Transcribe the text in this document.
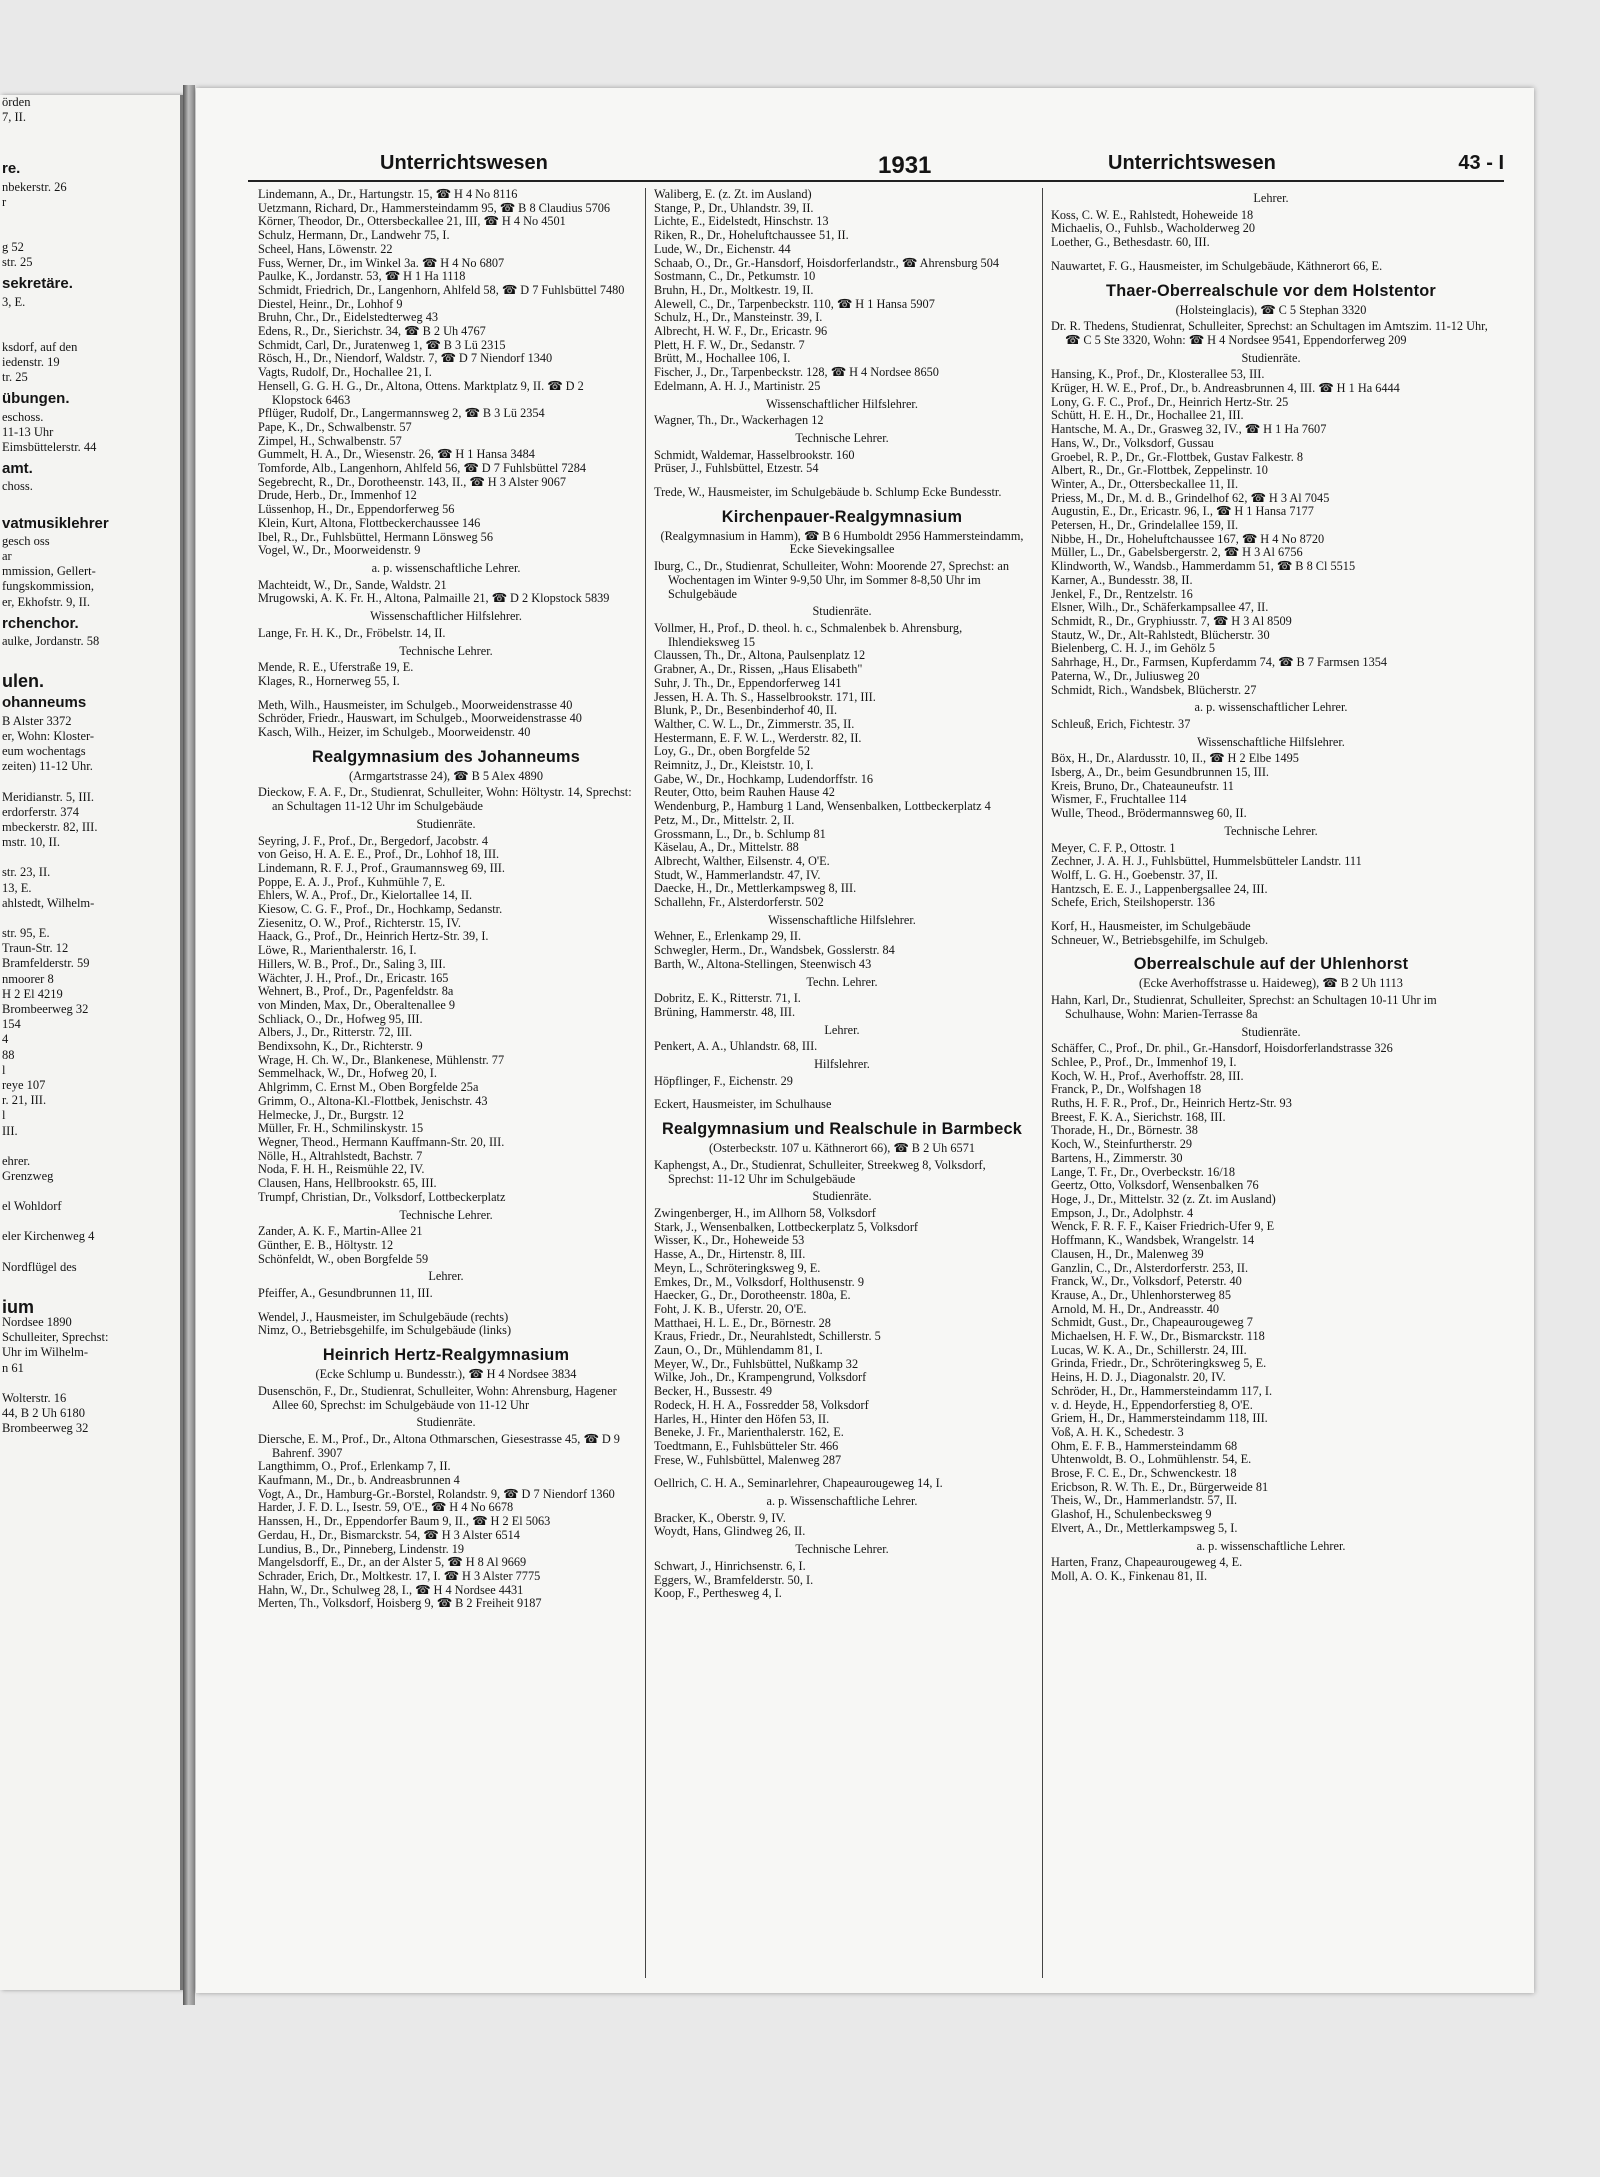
örden
7, II.
re.
nbekerstr. 26
r
g 52
str. 25
sekretäre.
3, E.
ksdorf, auf den
iedenstr. 19
tr. 25
übungen.
eschoss.
11-13 Uhr
Eimsbüttelerstr. 44
amt.
choss.
vatmusiklehrer
gesch oss
ar
mmission, Gellert-
fungskommission,
er, Ekhofstr. 9, II.
rchenchor.
aulke, Jordanstr. 58
ulen.
ohanneums
B Alster 3372
er, Wohn: Kloster-
eum wochentags
zeiten) 11-12 Uhr.
Meridianstr. 5, III.
erdorferstr. 374
mbeckerstr. 82, III.
mstr. 10, II.
str. 23, II.
13, E.
ahlstedt, Wilhelm-
str. 95, E.
Traun-Str. 12
Bramfelderstr. 59
nmoorer 8
H 2 El 4219
Brombeerweg 32
154
4
88
l
reye 107
r. 21, III.
l
III.
ehrer.
Grenzweg
el Wohldorf
eler Kirchenweg 4
Nordflügel des
ium
Nordsee 1890
Schulleiter, Sprechst:
Uhr im Wilhelm-
n 61
Wolterstr. 16
44, B 2 Uh 6180
Brombeerweg 32
Unterrichtswesen	1931	Unterrichtswesen	43 - I
Lindemann, A., Dr., Hartungstr. 15, ☎ H 4 No 8116
Uetzmann, Richard, Dr., Hammersteindamm 95, ☎ B 8 Claudius 5706
Körner, Theodor, Dr., Ottersbeckallee 21, III, ☎ H 4 No 4501
Schulz, Hermann, Dr., Landwehr 75, I.
Scheel, Hans, Löwenstr. 22
Fuss, Werner, Dr., im Winkel 3a. ☎ H 4 No 6807
Paulke, K., Jordanstr. 53, ☎ H 1 Ha 1118
Schmidt, Friedrich, Dr., Langenhorn, Ahlfeld 58, ☎ D 7 Fuhlsbüttel 7480
Diestel, Heinr., Dr., Lohhof 9
Bruhn, Chr., Dr., Eidelstedterweg 43
Edens, R., Dr., Sierichstr. 34, ☎ B 2 Uh 4767
Schmidt, Carl, Dr., Juratenweg 1, ☎ B 3 Lü 2315
Rösch, H., Dr., Niendorf, Waldstr. 7, ☎ D 7 Niendorf 1340
Vagts, Rudolf, Dr., Hochallee 21, I.
Hensell, G. G. H. G., Dr., Altona, Ottens. Marktplatz 9, II. ☎ D 2 Klopstock 6463
Pflüger, Rudolf, Dr., Langermannsweg 2, ☎ B 3 Lü 2354
Pape, K., Dr., Schwalbenstr. 57
Zimpel, H., Schwalbenstr. 57
Gummelt, H. A., Dr., Wiesenstr. 26, ☎ H 1 Hansa 3484
Tomforde, Alb., Langenhorn, Ahlfeld 56, ☎ D 7 Fuhlsbüttel 7284
Segebrecht, R., Dr., Dorotheenstr. 143, II., ☎ H 3 Alster 9067
Drude, Herb., Dr., Immenhof 12
Lüssenhop, H., Dr., Eppendorferweg 56
Klein, Kurt, Altona, Flottbeckerchaussee 146
Ibel, R., Dr., Fuhlsbüttel, Hermann Lönsweg 56
Vogel, W., Dr., Moorweidenstr. 9
a. p. wissenschaftliche Lehrer.
Machteidt, W., Dr., Sande, Waldstr. 21
Mrugowski, A. K. Fr. H., Altona, Palmaille 21, ☎ D 2 Klopstock 5839
Wissenschaftlicher Hilfslehrer.
Lange, Fr. H. K., Dr., Fröbelstr. 14, II.
Technische Lehrer.
Mende, R. E., Uferstraße 19, E.
Klages, R., Hornerweg 55, I.
Meth, Wilh., Hausmeister, im Schulgeb., Moorweidenstrasse 40
Schröder, Friedr., Hauswart, im Schulgeb., Moorweidenstrasse 40
Kasch, Wilh., Heizer, im Schulgeb., Moorweidenstr. 40
Realgymnasium des Johanneums
(Armgartstrasse 24), ☎ B 5 Alex 4890
Dieckow, F. A. F., Dr., Studienrat, Schulleiter, Wohn: Höltystr. 14, Sprechst: an Schultagen 11-12 Uhr im Schulgebäude
Studienräte.
Seyring, J. F., Prof., Dr., Bergedorf, Jacobstr. 4
von Geiso, H. A. E. E., Prof., Dr., Lohhof 18, III.
Lindemann, R. F. J., Prof., Graumannsweg 69, III.
Poppe, E. A. J., Prof., Kuhmühle 7, E.
Ehlers, W. A., Prof., Dr., Kielortallee 14, II.
Kiesow, C. G. F., Prof., Dr., Hochkamp, Sedanstr.
Ziesenitz, O. W., Prof., Richterstr. 15, IV.
Haack, G., Prof., Dr., Heinrich Hertz-Str. 39, I.
Löwe, R., Marienthalerstr. 16, I.
Hillers, W. B., Prof., Dr., Saling 3, III.
Wächter, J. H., Prof., Dr., Ericastr. 165
Wehnert, B., Prof., Dr., Pagenfeldstr. 8a
von Minden, Max, Dr., Oberaltenallee 9
Schliack, O., Dr., Hofweg 95, III.
Albers, J., Dr., Ritterstr. 72, III.
Bendixsohn, K., Dr., Richterstr. 9
Wrage, H. Ch. W., Dr., Blankenese, Mühlenstr. 77
Semmelhack, W., Dr., Hofweg 20, I.
Ahlgrimm, C. Ernst M., Oben Borgfelde 25a
Grimm, O., Altona-Kl.-Flottbek, Jenischstr. 43
Helmecke, J., Dr., Burgstr. 12
Müller, Fr. H., Schmilinskystr. 15
Wegner, Theod., Hermann Kauffmann-Str. 20, III.
Nölle, H., Altrahlstedt, Bachstr. 7
Noda, F. H. H., Reismühle 22, IV.
Clausen, Hans, Hellbrookstr. 65, III.
Trumpf, Christian, Dr., Volksdorf, Lottbeckerplatz
Technische Lehrer.
Zander, A. K. F., Martin-Allee 21
Günther, E. B., Höltystr. 12
Schönfeldt, W., oben Borgfelde 59
Lehrer.
Pfeiffer, A., Gesundbrunnen 11, III.
Wendel, J., Hausmeister, im Schulgebäude (rechts)
Nimz, O., Betriebsgehilfe, im Schulgebäude (links)
Heinrich Hertz-Realgymnasium
(Ecke Schlump u. Bundesstr.), ☎ H 4 Nordsee 3834
Dusenschön, F., Dr., Studienrat, Schulleiter, Wohn: Ahrensburg, Hagener Allee 60, Sprechst: im Schulgebäude von 11-12 Uhr
Studienräte.
Diersche, E. M., Prof., Dr., Altona Othmarschen, Giesestrasse 45, ☎ D 9 Bahrenf. 3907
Langthimm, O., Prof., Erlenkamp 7, II.
Kaufmann, M., Dr., b. Andreasbrunnen 4
Vogt, A., Dr., Hamburg-Gr.-Borstel, Rolandstr. 9, ☎ D 7 Niendorf 1360
Harder, J. F. D. L., Isestr. 59, O'E., ☎ H 4 No 6678
Hanssen, H., Dr., Eppendorfer Baum 9, II., ☎ H 2 El 5063
Gerdau, H., Dr., Bismarckstr. 54, ☎ H 3 Alster 6514
Lundius, B., Dr., Pinneberg, Lindenstr. 19
Mangelsdorff, E., Dr., an der Alster 5, ☎ H 8 Al 9669
Schrader, Erich, Dr., Moltkestr. 17, I. ☎ H 3 Alster 7775
Hahn, W., Dr., Schulweg 28, I., ☎ H 4 Nordsee 4431
Merten, Th., Volksdorf, Hoisberg 9, ☎ B 2 Freiheit 9187
Waliberg, E. (z. Zt. im Ausland)
Stange, P., Dr., Uhlandstr. 39, II.
Lichte, E., Eidelstedt, Hinschstr. 13
Riken, R., Dr., Hoheluftchaussee 51, II.
Lude, W., Dr., Eichenstr. 44
Schaab, O., Dr., Gr.-Hansdorf, Hoisdorferlandstr., ☎ Ahrensburg 504
Sostmann, C., Dr., Petkumstr. 10
Bruhn, H., Dr., Moltkestr. 19, II.
Alewell, C., Dr., Tarpenbeckstr. 110, ☎ H 1 Hansa 5907
Schulz, H., Dr., Mansteinstr. 39, I.
Albrecht, H. W. F., Dr., Ericastr. 96
Plett, H. F. W., Dr., Sedanstr. 7
Brütt, M., Hochallee 106, I.
Fischer, J., Dr., Tarpenbeckstr. 128, ☎ H 4 Nordsee 8650
Edelmann, A. H. J., Martinistr. 25
Wissenschaftlicher Hilfslehrer.
Wagner, Th., Dr., Wackerhagen 12
Technische Lehrer.
Schmidt, Waldemar, Hasselbrookstr. 160
Prüser, J., Fuhlsbüttel, Etzestr. 54
Trede, W., Hausmeister, im Schulgebäude b. Schlump Ecke Bundesstr.
Kirchenpauer-Realgymnasium
(Realgymnasium in Hamm), ☎ B 6 Humboldt 2956 Hammersteindamm, Ecke Sievekingsallee
Iburg, C., Dr., Studienrat, Schulleiter, Wohn: Moorende 27, Sprechst: an Wochentagen im Winter 9-9,50 Uhr, im Sommer 8-8,50 Uhr im Schulgebäude
Studienräte.
Vollmer, H., Prof., D. theol. h. c., Schmalenbek b. Ahrensburg, Ihlendieksweg 15
Claussen, Th., Dr., Altona, Paulsenplatz 12
Grabner, A., Dr., Rissen, „Haus Elisabeth"
Suhr, J. Th., Dr., Eppendorferweg 141
Jessen, H. A. Th. S., Hasselbrookstr. 171, III.
Blunk, P., Dr., Besenbinderhof 40, II.
Walther, C. W. L., Dr., Zimmerstr. 35, II.
Hestermann, E. F. W. L., Werderstr. 82, II.
Loy, G., Dr., oben Borgfelde 52
Reimnitz, J., Dr., Kleiststr. 10, I.
Gabe, W., Dr., Hochkamp, Ludendorffstr. 16
Reuter, Otto, beim Rauhen Hause 42
Wendenburg, P., Hamburg 1 Land, Wensenbalken, Lottbeckerplatz 4
Petz, M., Dr., Mittelstr. 2, II.
Grossmann, L., Dr., b. Schlump 81
Käselau, A., Dr., Mittelstr. 88
Albrecht, Walther, Eilsenstr. 4, O'E.
Studt, W., Hammerlandstr. 47, IV.
Daecke, H., Dr., Mettlerkampsweg 8, III.
Schallehn, Fr., Alsterdorferstr. 502
Wissenschaftliche Hilfslehrer.
Wehner, E., Erlenkamp 29, II.
Schwegler, Herm., Dr., Wandsbek, Gosslerstr. 84
Barth, W., Altona-Stellingen, Steenwisch 43
Techn. Lehrer.
Dobritz, E. K., Ritterstr. 71, I.
Brüning, Hammerstr. 48, III.
Lehrer.
Penkert, A. A., Uhlandstr. 68, III.
Hilfslehrer.
Höpflinger, F., Eichenstr. 29
Eckert, Hausmeister, im Schulhause
Realgymnasium und Realschule in Barmbeck
(Osterbeckstr. 107 u. Käthnerort 66), ☎ B 2 Uh 6571
Kaphengst, A., Dr., Studienrat, Schulleiter, Streekweg 8, Volksdorf, Sprechst: 11-12 Uhr im Schulgebäude
Studienräte.
Zwingenberger, H., im Allhorn 58, Volksdorf
Stark, J., Wensenbalken, Lottbeckerplatz 5, Volksdorf
Wisser, K., Dr., Hoheweide 53
Hasse, A., Dr., Hirtenstr. 8, III.
Meyn, L., Schröteringksweg 9, E.
Emkes, Dr., M., Volksdorf, Holthusenstr. 9
Haecker, G., Dr., Dorotheenstr. 180a, E.
Foht, J. K. B., Uferstr. 20, O'E.
Matthaei, H. L. E., Dr., Börnestr. 28
Kraus, Friedr., Dr., Neurahlstedt, Schillerstr. 5
Zaun, O., Dr., Mühlendamm 81, I.
Meyer, W., Dr., Fuhlsbüttel, Nußkamp 32
Wilke, Joh., Dr., Krampengrund, Volksdorf
Becker, H., Bussestr. 49
Rodeck, H. H. A., Fossredder 58, Volksdorf
Harles, H., Hinter den Höfen 53, II.
Beneke, J. Fr., Marienthalerstr. 162, E.
Toedtmann, E., Fuhlsbütteler Str. 466
Frese, W., Fuhlsbüttel, Malenweg 287
Oellrich, C. H. A., Seminarlehrer, Chapeaurougeweg 14, I.
a. p. Wissenschaftliche Lehrer.
Bracker, K., Oberstr. 9, IV.
Woydt, Hans, Glindweg 26, II.
Technische Lehrer.
Schwart, J., Hinrichsenstr. 6, I.
Eggers, W., Bramfelderstr. 50, I.
Koop, F., Perthesweg 4, I.
Lehrer.
Koss, C. W. E., Rahlstedt, Hoheweide 18
Michaelis, O., Fuhlsb., Wacholderweg 20
Loether, G., Bethesdastr. 60, III.
Nauwartet, F. G., Hausmeister, im Schulgebäude, Käthnerort 66, E.
Thaer-Oberrealschule vor dem Holstentor
(Holsteinglacis), ☎ C 5 Stephan 3320
Dr. R. Thedens, Studienrat, Schulleiter, Sprechst: an Schultagen im Amtszim. 11-12 Uhr, ☎ C 5 Ste 3320, Wohn: ☎ H 4 Nordsee 9541, Eppendorferweg 209
Studienräte.
Hansing, K., Prof., Dr., Klosterallee 53, III.
Krüger, H. W. E., Prof., Dr., b. Andreasbrunnen 4, III. ☎ H 1 Ha 6444
Lony, G. F. C., Prof., Dr., Heinrich Hertz-Str. 25
Schütt, H. E. H., Dr., Hochallee 21, III.
Hantsche, M. A., Dr., Grasweg 32, IV., ☎ H 1 Ha 7607
Hans, W., Dr., Volksdorf, Gussau
Groebel, R. P., Dr., Gr.-Flottbek, Gustav Falkestr. 8
Albert, R., Dr., Gr.-Flottbek, Zeppelinstr. 10
Winter, A., Dr., Ottersbeckallee 11, II.
Priess, M., Dr., M. d. B., Grindelhof 62, ☎ H 3 Al 7045
Augustin, E., Dr., Ericastr. 96, I., ☎ H 1 Hansa 7177
Petersen, H., Dr., Grindelallee 159, II.
Nibbe, H., Dr., Hoheluftchaussee 167, ☎ H 4 No 8720
Müller, L., Dr., Gabelsbergerstr. 2, ☎ H 3 Al 6756
Klindworth, W., Wandsb., Hammerdamm 51, ☎ B 8 Cl 5515
Karner, A., Bundesstr. 38, II.
Jenkel, F., Dr., Rentzelstr. 16
Elsner, Wilh., Dr., Schäferkampsallee 47, II.
Schmidt, R., Dr., Gryphiusstr. 7, ☎ H 3 Al 8509
Stautz, W., Dr., Alt-Rahlstedt, Blücherstr. 30
Bielenberg, C. H. J., im Gehölz 5
Sahrhage, H., Dr., Farmsen, Kupferdamm 74, ☎ B 7 Farmsen 1354
Paterna, W., Dr., Juliusweg 20
Schmidt, Rich., Wandsbek, Blücherstr. 27
a. p. wissenschaftlicher Lehrer.
Schleuß, Erich, Fichtestr. 37
Wissenschaftliche Hilfslehrer.
Böx, H., Dr., Alardusstr. 10, II., ☎ H 2 Elbe 1495
Isberg, A., Dr., beim Gesundbrunnen 15, III.
Kreis, Bruno, Dr., Chateauneufstr. 11
Wismer, F., Fruchtallee 114
Wulle, Theod., Brödermannsweg 60, II.
Technische Lehrer.
Meyer, C. F. P., Ottostr. 1
Zechner, J. A. H. J., Fuhlsbüttel, Hummelsbütteler Landstr. 111
Wolff, L. G. H., Goebenstr. 37, II.
Hantzsch, E. E. J., Lappenbergsallee 24, III.
Schefe, Erich, Steilshoperstr. 136
Korf, H., Hausmeister, im Schulgebäude
Schneuer, W., Betriebsgehilfe, im Schulgeb.
Oberrealschule auf der Uhlenhorst
(Ecke Averhoffstrasse u. Haideweg), ☎ B 2 Uh 1113
Hahn, Karl, Dr., Studienrat, Schulleiter, Sprechst: an Schultagen 10-11 Uhr im Schulhause, Wohn: Marien-Terrasse 8a
Studienräte.
Schäffer, C., Prof., Dr. phil., Gr.-Hansdorf, Hoisdorferlandstrasse 326
Schlee, P., Prof., Dr., Immenhof 19, I.
Koch, W. H., Prof., Averhoffstr. 28, III.
Franck, P., Dr., Wolfshagen 18
Ruths, H. F. R., Prof., Dr., Heinrich Hertz-Str. 93
Breest, F. K. A., Sierichstr. 168, III.
Thorade, H., Dr., Börnestr. 38
Koch, W., Steinfurtherstr. 29
Bartens, H., Zimmerstr. 30
Lange, T. Fr., Dr., Overbeckstr. 16/18
Geertz, Otto, Volksdorf, Wensenbalken 76
Hoge, J., Dr., Mittelstr. 32 (z. Zt. im Ausland)
Empson, J., Dr., Adolphstr. 4
Wenck, F. R. F. F., Kaiser Friedrich-Ufer 9, E
Hoffmann, K., Wandsbek, Wrangelstr. 14
Clausen, H., Dr., Malenweg 39
Ganzlin, C., Dr., Alsterdorferstr. 253, II.
Franck, W., Dr., Volksdorf, Peterstr. 40
Krause, A., Dr., Uhlenhorsterweg 85
Arnold, M. H., Dr., Andreasstr. 40
Schmidt, Gust., Dr., Chapeaurougeweg 7
Michaelsen, H. F. W., Dr., Bismarckstr. 118
Lucas, W. K. A., Dr., Schillerstr. 24, III.
Grinda, Friedr., Dr., Schröteringksweg 5, E.
Heins, H. D. J., Diagonalstr. 20, IV.
Schröder, H., Dr., Hammersteindamm 117, I.
v. d. Heyde, H., Eppendorferstieg 8, O'E.
Griem, H., Dr., Hammersteindamm 118, III.
Voß, A. H. K., Schedestr. 3
Ohm, E. F. B., Hammersteindamm 68
Uhtenwoldt, B. O., Lohmühlenstr. 54, E.
Brose, F. C. E., Dr., Schwenckestr. 18
Ericbson, R. W. Th. E., Dr., Bürgerweide 81
Theis, W., Dr., Hammerlandstr. 57, II.
Glashof, H., Schulenbecksweg 9
Elvert, A., Dr., Mettlerkampsweg 5, I.
a. p. wissenschaftliche Lehrer.
Harten, Franz, Chapeaurougeweg 4, E.
Moll, A. O. K., Finkenau 81, II.
